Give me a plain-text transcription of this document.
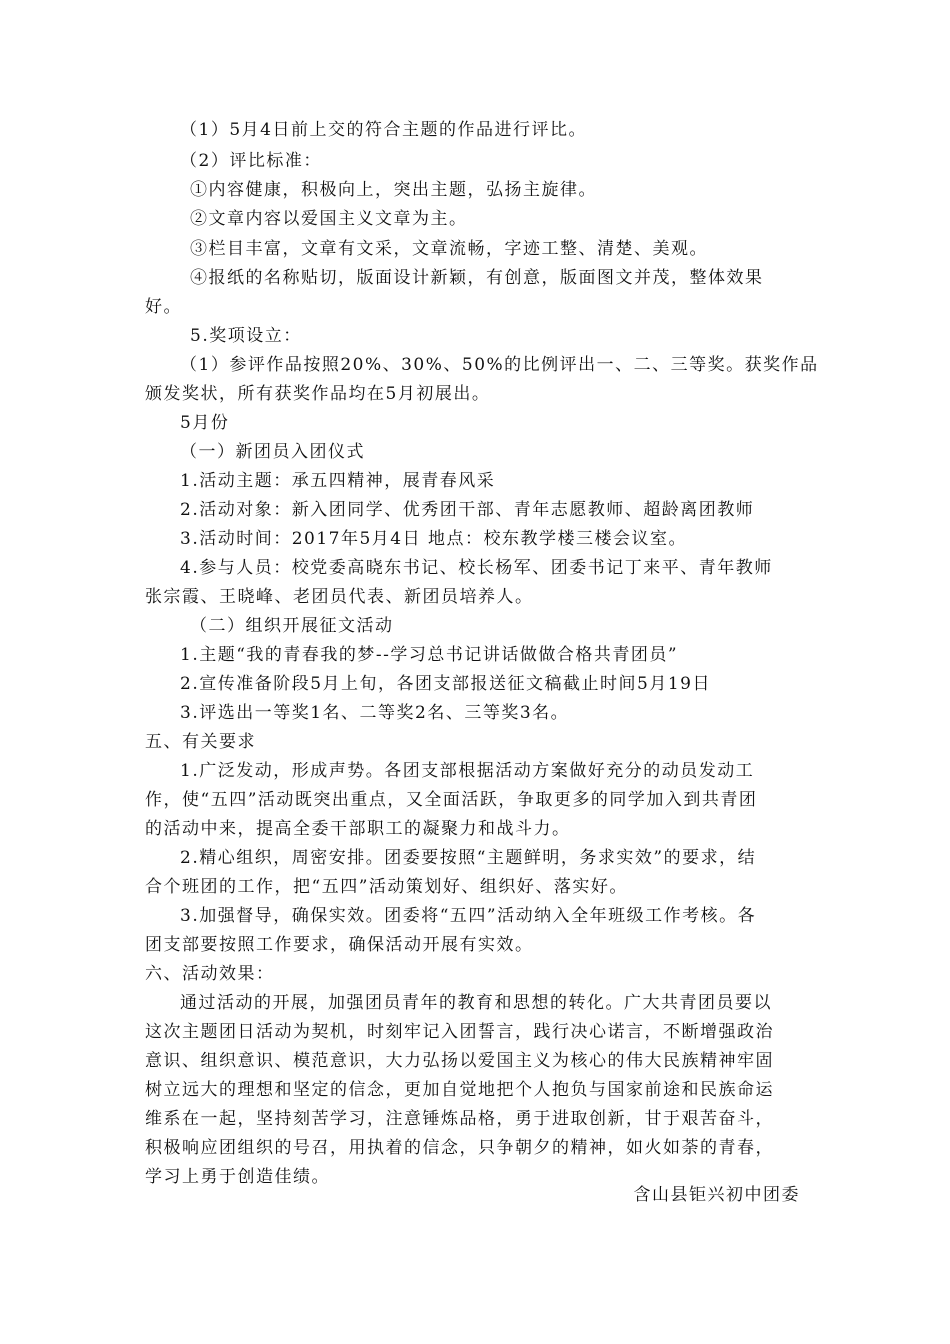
（1）5月4日前上交的符合主题的作品进行评比。
（2）评比标准：
①内容健康，积极向上，突出主题，弘扬主旋律。
②文章内容以爱国主义文章为主。
③栏目丰富，文章有文采，文章流畅，字迹工整、清楚、美观。
④报纸的名称贴切，版面设计新颖，有创意，版面图文并茂，整体效果
好。
5.奖项设立：
（1）参评作品按照20%、30%、50%的比例评出一、二、三等奖。获奖作品
颁发奖状，所有获奖作品均在5月初展出。
5月份
（一）新团员入团仪式
1.活动主题：承五四精神，展青春风采
2.活动对象：新入团同学、优秀团干部、青年志愿教师、超龄离团教师
3.活动时间：2017年5月4日 地点：校东教学楼三楼会议室。
4.参与人员：校党委高晓东书记、校长杨军、团委书记丁来平、青年教师
张宗霞、王晓峰、老团员代表、新团员培养人。
（二）组织开展征文活动
1.主题“我的青春我的梦--学习总书记讲话做做合格共青团员”
2.宣传准备阶段5月上旬，各团支部报送征文稿截止时间5月19日
3.评选出一等奖1名、二等奖2名、三等奖3名。
五、有关要求
1.广泛发动，形成声势。各团支部根据活动方案做好充分的动员发动工
作，使“五四”活动既突出重点，又全面活跃，争取更多的同学加入到共青团
的活动中来，提高全委干部职工的凝聚力和战斗力。
2.精心组织，周密安排。团委要按照“主题鲜明，务求实效”的要求，结
合个班团的工作，把“五四”活动策划好、组织好、落实好。
3.加强督导，确保实效。团委将“五四”活动纳入全年班级工作考核。各
团支部要按照工作要求，确保活动开展有实效。
六、活动效果：
通过活动的开展，加强团员青年的教育和思想的转化。广大共青团员要以
这次主题团日活动为契机，时刻牢记入团誓言，践行决心诺言，不断增强政治
意识、组织意识、模范意识，大力弘扬以爱国主义为核心的伟大民族精神牢固
树立远大的理想和坚定的信念，更加自觉地把个人抱负与国家前途和民族命运
维系在一起，坚持刻苦学习，注意锤炼品格，勇于进取创新，甘于艰苦奋斗，
积极响应团组织的号召，用执着的信念，只争朝夕的精神，如火如荼的青春，
学习上勇于创造佳绩。
含山县钜兴初中团委
